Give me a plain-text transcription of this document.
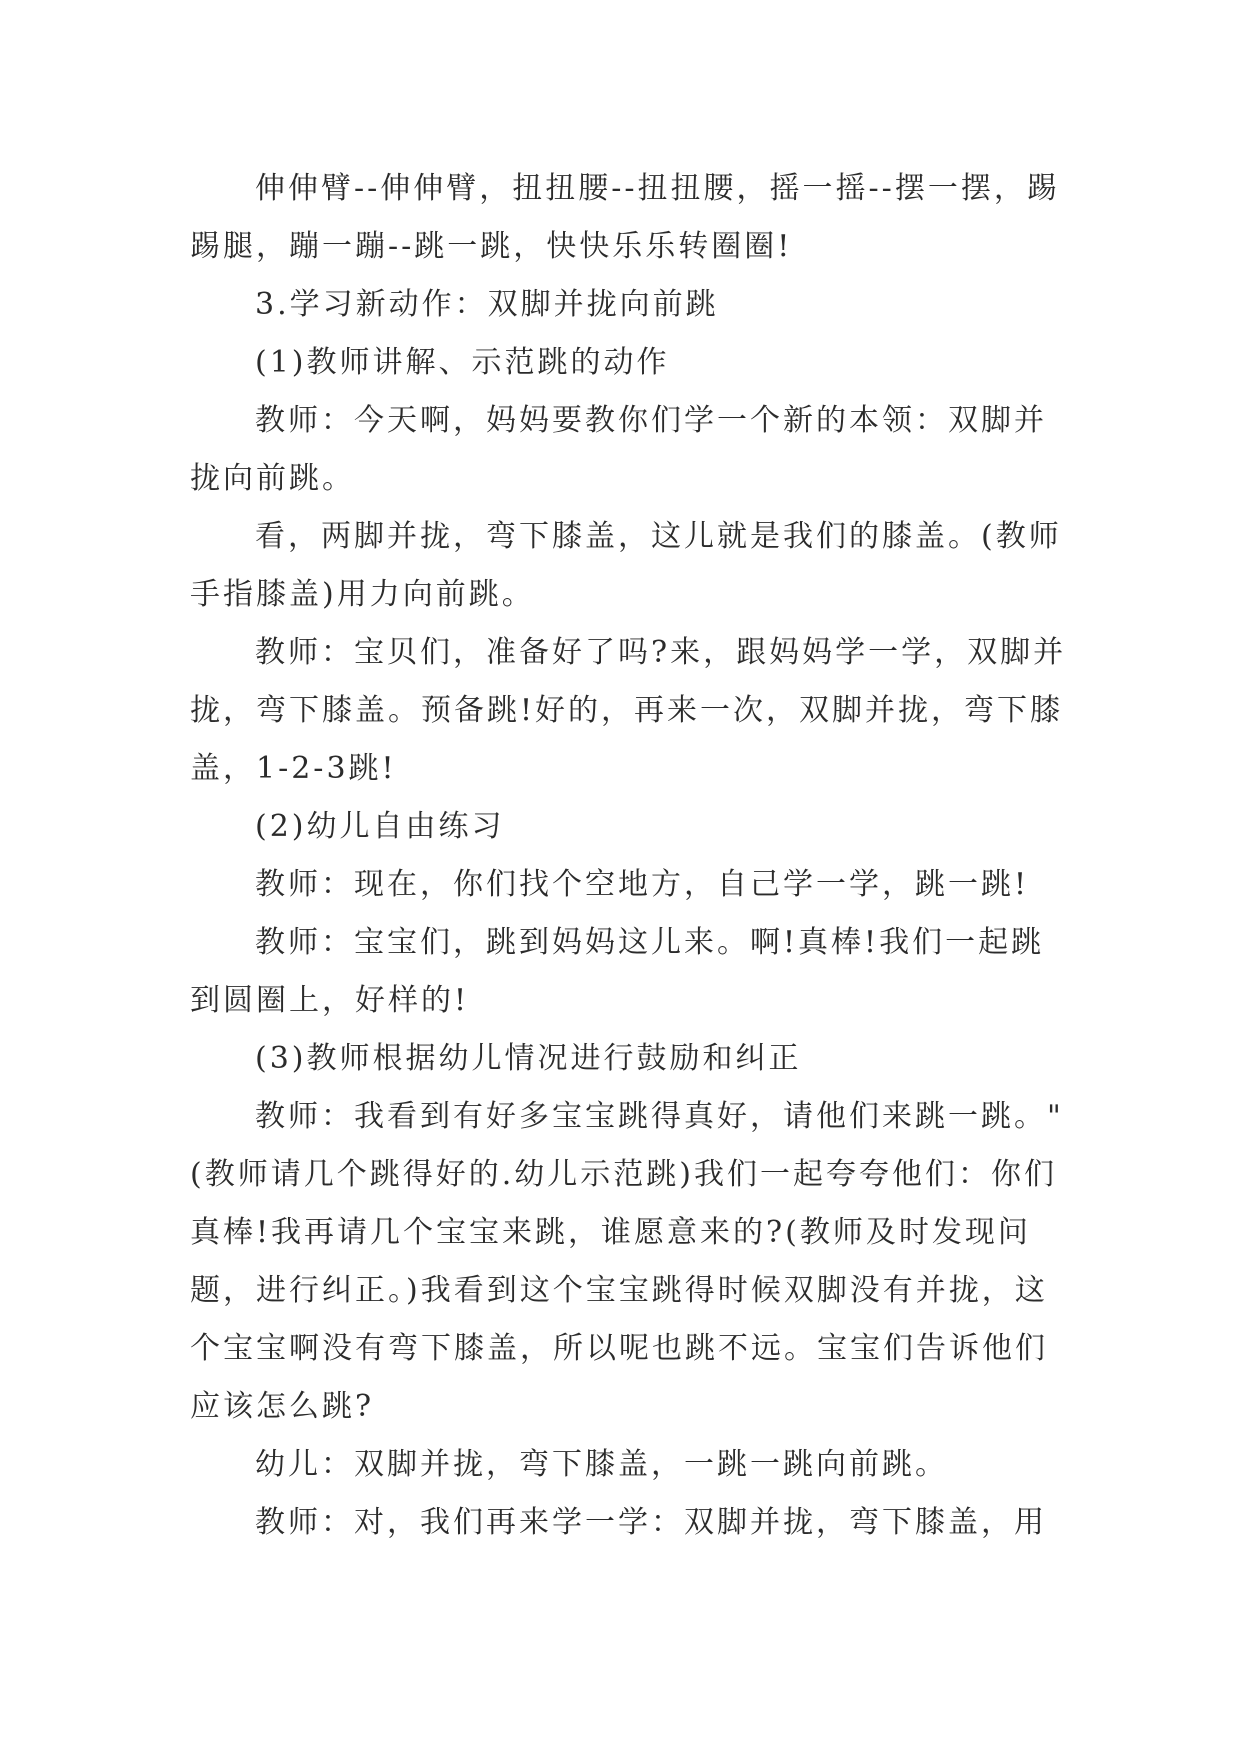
伸伸臂--伸伸臂，扭扭腰--扭扭腰，摇一摇--摆一摆，踢踢腿，蹦一蹦--跳一跳，快快乐乐转圈圈!

3.学习新动作：双脚并拢向前跳

(1)教师讲解、示范跳的动作

教师：今天啊，妈妈要教你们学一个新的本领：双脚并拢向前跳。

看，两脚并拢，弯下膝盖，这儿就是我们的膝盖。(教师手指膝盖)用力向前跳。

教师：宝贝们，准备好了吗?来，跟妈妈学一学，双脚并拢，弯下膝盖。预备跳!好的，再来一次，双脚并拢，弯下膝盖，1-2-3跳!

(2)幼儿自由练习

教师：现在，你们找个空地方，自己学一学，跳一跳!

教师：宝宝们，跳到妈妈这儿来。啊!真棒!我们一起跳到圆圈上，好样的!

(3)教师根据幼儿情况进行鼓励和纠正

教师：我看到有好多宝宝跳得真好，请他们来跳一跳。"(教师请几个跳得好的.幼儿示范跳)我们一起夸夸他们：你们真棒!我再请几个宝宝来跳，谁愿意来的?(教师及时发现问题，进行纠正。)我看到这个宝宝跳得时候双脚没有并拢，这个宝宝啊没有弯下膝盖，所以呢也跳不远。宝宝们告诉他们应该怎么跳?

幼儿：双脚并拢，弯下膝盖，一跳一跳向前跳。

教师：对，我们再来学一学：双脚并拢，弯下膝盖，用
